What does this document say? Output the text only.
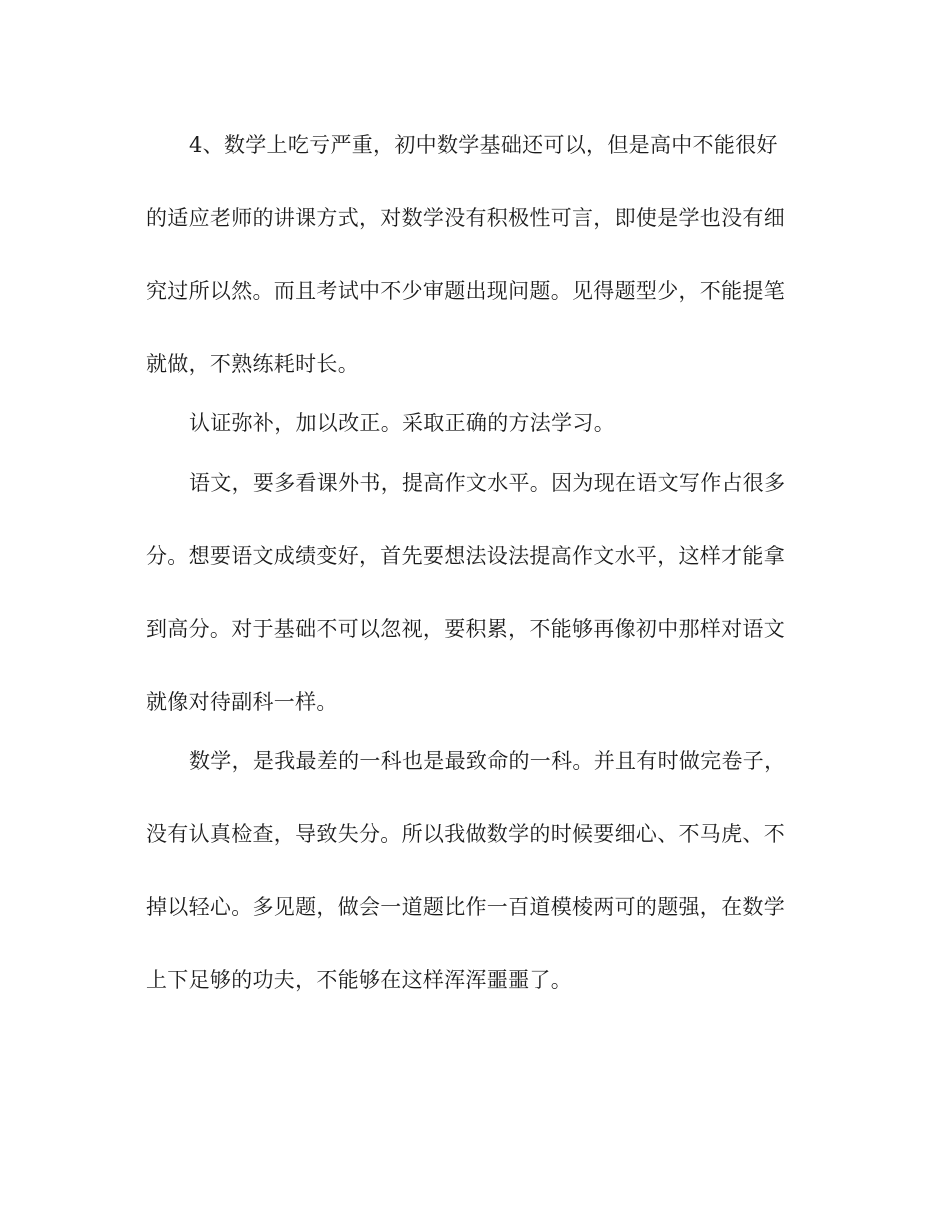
4、数学上吃亏严重，初中数学基础还可以，但是高中不能很好
的适应老师的讲课方式，对数学没有积极性可言，即使是学也没有细
究过所以然。而且考试中不少审题出现问题。见得题型少，不能提笔
就做，不熟练耗时长。
认证弥补，加以改正。采取正确的方法学习。
语文，要多看课外书，提高作文水平。因为现在语文写作占很多
分。想要语文成绩变好，首先要想法设法提高作文水平，这样才能拿
到高分。对于基础不可以忽视，要积累，不能够再像初中那样对语文
就像对待副科一样。
数学，是我最差的一科也是最致命的一科。并且有时做完卷子，
没有认真检查，导致失分。所以我做数学的时候要细心、不马虎、不
掉以轻心。多见题，做会一道题比作一百道模棱两可的题强，在数学
上下足够的功夫，不能够在这样浑浑噩噩了。
